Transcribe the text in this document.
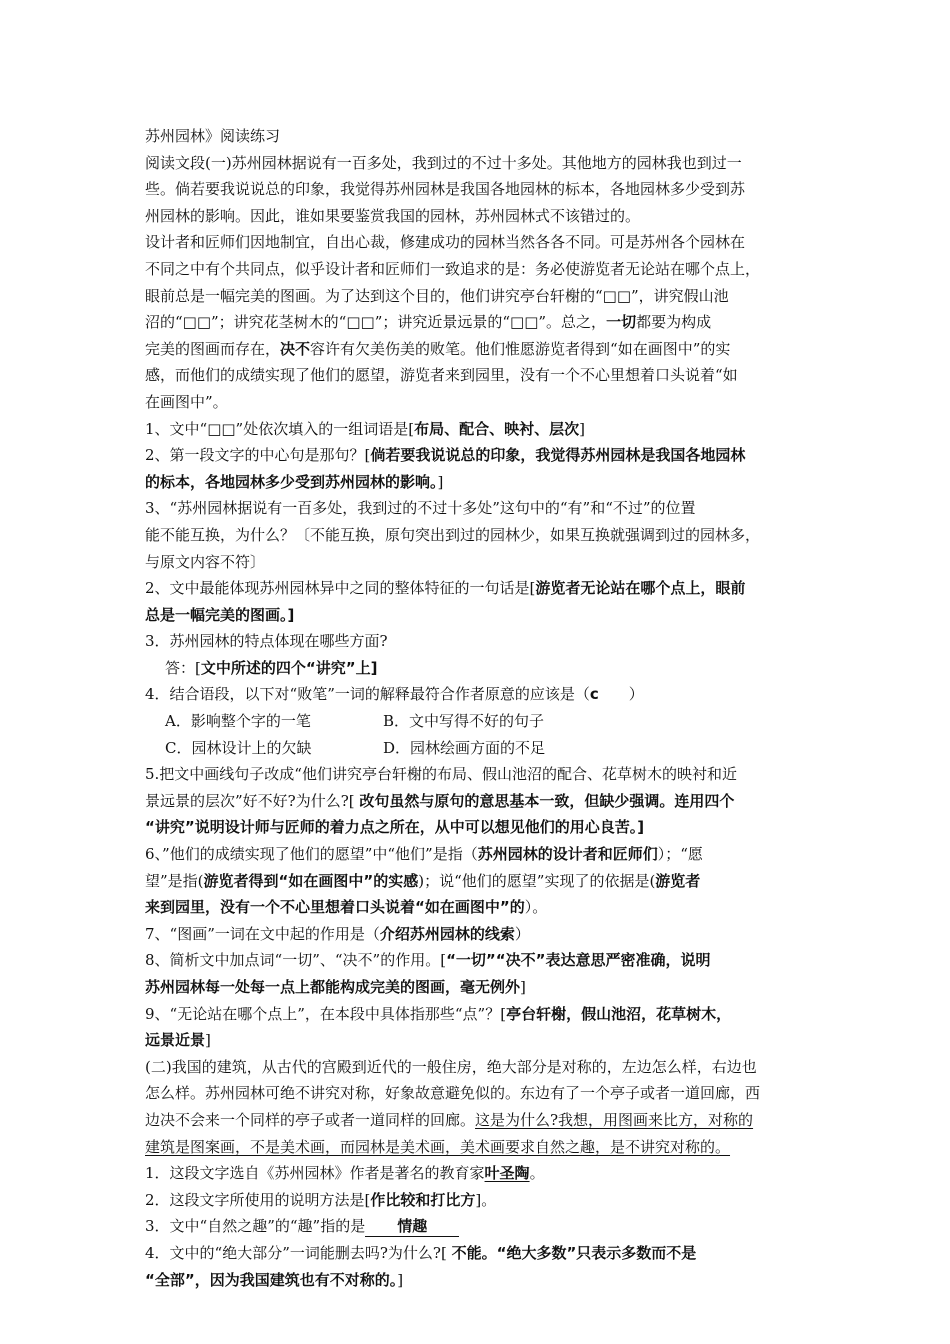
苏州园林》阅读练习
阅读文段(一)苏州园林据说有一百多处，我到过的不过十多处。其他地方的园林我也到过一
些。倘若要我说说总的印象，我觉得苏州园林是我国各地园林的标本，各地园林多少受到苏
州园林的影响。因此，谁如果要鉴赏我国的园林，苏州园林式不该错过的。
设计者和匠师们因地制宜，自出心裁，修建成功的园林当然各各不同。可是苏州各个园林在
不同之中有个共同点，似乎设计者和匠师们一致追求的是：务必使游览者无论站在哪个点上，
眼前总是一幅完美的图画。为了达到这个目的，他们讲究亭台轩榭的“□□”，讲究假山池
沼的“□□”；讲究花茎树木的“□□”；讲究近景远景的“□□”。总之，一切都要为构成
完美的图画而存在，决不容许有欠美伤美的败笔。他们惟愿游览者得到“如在画图中”的实
感，而他们的成绩实现了他们的愿望，游览者来到园里，没有一个不心里想着口头说着“如
在画图中”。
1、文中“□□”处依次填入的一组词语是[布局、配合、映衬、层次]
2、第一段文字的中心句是那句？[倘若要我说说总的印象，我觉得苏州园林是我国各地园林
的标本，各地园林多少受到苏州园林的影响。]
3、“苏州园林据说有一百多处，我到过的不过十多处”这句中的“有”和“不过”的位置
能不能互换，为什么？〔不能互换，原句突出到过的园林少，如果互换就强调到过的园林多，
与原文内容不符〕
2、文中最能体现苏州园林异中之同的整体特征的一句话是[游览者无论站在哪个点上，眼前
总是一幅完美的图画。]
3．苏州园林的特点体现在哪些方面?
答：[文中所述的四个“讲究”上]
4．结合语段，以下对“败笔”一词的解释最符合作者原意的应该是（c　　）
A．影响整个字的一笔	B．文中写得不好的句子
C．园林设计上的欠缺	D．园林绘画方面的不足
5.把文中画线句子改成“他们讲究亭台轩榭的布局、假山池沼的配合、花草树木的映衬和近
景远景的层次”好不好?为什么?[ 改句虽然与原句的意思基本一致，但缺少强调。连用四个
“讲究”说明设计师与匠师的着力点之所在，从中可以想见他们的用心良苦。]
6、”他们的成绩实现了他们的愿望”中“他们”是指（苏州园林的设计者和匠师们）；“愿
望”是指(游览者得到“如在画图中”的实感)；说“他们的愿望”实现了的依据是(游览者
来到园里，没有一个不心里想着口头说着“如在画图中”的）。
7、“图画”一词在文中起的作用是（介绍苏州园林的线索）
8、简析文中加点词“一切”、“决不”的作用。[“一切”“决不”表达意思严密准确，说明
苏州园林每一处每一点上都能构成完美的图画，毫无例外]
9、“无论站在哪个点上”，在本段中具体指那些“点”？[亭台轩榭，假山池沼，花草树木，
远景近景]
(二)我国的建筑，从古代的宫殿到近代的一般住房，绝大部分是对称的，左边怎么样，右边也
怎么样。苏州园林可绝不讲究对称，好象故意避免似的。东边有了一个亭子或者一道回廊，西
边决不会来一个同样的亭子或者一道同样的回廊。这是为什么?我想，用图画来比方，对称的
建筑是图案画，不是美术画，而园林是美术画，美术画要求自然之趣，是不讲究对称的。
1．这段文字选自《苏州园林》作者是著名的教育家叶圣陶。
2．这段文字所使用的说明方法是[作比较和打比方]。
3．文中“自然之趣”的“趣”指的是 情趣
4．文中的“绝大部分”一词能删去吗?为什么?[ 不能。“绝大多数”只表示多数而不是
“全部”，因为我国建筑也有不对称的。]
